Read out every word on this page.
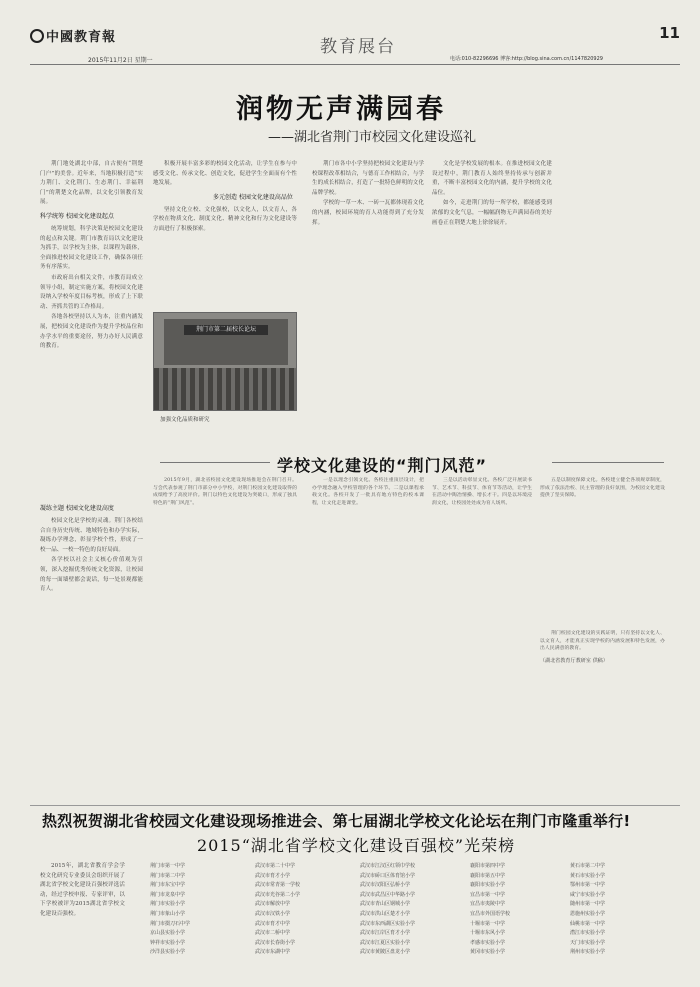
中國教育報
2015年11月2日 星期一
教育展台
电话:010-82296696 博客:http://blog.sina.com.cn/1147820929
11
润物无声满园春
——湖北省荆门市校园文化建设巡礼

荆门地处湖北中部，自古便有“荆楚门户”的美誉。近年来，当地积极打造“实力荆门、文化荆门、生态荆门、幸福荆门”的荆楚文化品牌，以文化引领教育发展。

科学统筹 校园文化建设起点

统筹规划，科学决策是校园文化建设的起点和关键。荆门市教育局以文化建设为抓手，以学校为主体，以课程为载体，全面推进校园文化建设工作，确保各项任务有序落实。

市政府出台相关文件，市教育局成立领导小组，制定实施方案，将校园文化建设纳入学校年度目标考核，形成了上下联动、齐抓共管的工作格局。

各地各校坚持以人为本，注重内涵发展，把校园文化建设作为提升学校品位和办学水平的重要途径，努力办好人民满意的教育。

凝练主题 校园文化建设高度

校园文化是学校的灵魂。荆门各校结合自身历史传统、地域特色和办学实际，凝练办学理念，彰显学校个性，形成了一校一品、一校一特色的良好局面。

各学校以社会主义核心价值观为引领，深入挖掘优秀传统文化资源，让校园的每一面墙壁都会说话，每一处景观都能育人。

积极开展丰富多彩的校园文化活动，让学生在参与中感受文化、传承文化、创造文化，促进学生全面而有个性地发展。

多元创造 校园文化建设高品位

坚持文化立校、文化强校，以文化人，以文育人，各学校在物质文化、制度文化、精神文化和行为文化建设等方面进行了积极探索。

荆门市第二届校长论坛
加强文化品质和研究

荆门市各中小学坚持把校园文化建设与学校课程改革相结合，与德育工作相结合，与学生的成长相结合，打造了一批特色鲜明的文化品牌学校。

学校的一草一木、一砖一瓦都体现着文化的内涵，校园环境的育人功能得到了充分发挥。

文化是学校发展的根本。在推进校园文化建设过程中，荆门教育人始终坚持传承与创新并重，不断丰富校园文化的内涵，提升学校的文化品位。

如今，走进荆门的每一所学校，都能感受到浓郁的文化气息，一幅幅润物无声满园春的美好画卷正在荆楚大地上徐徐展开。

学校文化建设的“荆门风范”

2015年9月，湖北省校园文化建设现场推进会在荆门召开。与会代表参观了荆门市部分中小学校，对荆门校园文化建设取得的成绩给予了高度评价。荆门以特色文化建设为突破口，形成了独具特色的“荆门风范”。

一是以理念引领文化。各校注重顶层设计，把办学理念融入学校管理的各个环节。二是以课程承载文化。各校开发了一批具有地方特色的校本课程，让文化走进课堂。

三是以活动彰显文化。各校广泛开展读书节、艺术节、科技节、体育节等活动，让学生在活动中陶冶情操、增长才干。四是以环境浸润文化，让校园处处成为育人场所。

五是以制度保障文化。各校建立健全各项规章制度，形成了依法治校、民主管理的良好氛围，为校园文化建设提供了坚实保障。

荆门校园文化建设的实践证明，只有坚持以文化人、以文育人，才能真正实现学校的内涵发展和特色发展，办出人民满意的教育。

（湖北省教育厅教研室 供稿）

热烈祝贺湖北省校园文化建设现场推进会、第七届湖北学校文化论坛在荆门市隆重举行!
2015“湖北省学校文化建设百强校”光荣榜

2015年，湖北省教育学会学校文化研究专业委员会组织开展了湖北省学校文化建设百强校评选活动，经过学校申报、专家评审，以下学校被评为2015湖北省学校文化建设百强校。

荆门市第一中学
荆门市第二中学
荆门市东宝中学
荆门市龙泉中学
荆门市实验小学
荆门市象山小学
荆门市掇刀石中学
京山县实验小学
钟祥市实验小学
沙洋县实验小学
武汉市第二十中学
武汉市育才小学
武汉市常青第一学校
武汉市光谷第二小学
武汉市解放中学
武汉市汉铁小学
武汉市育才中学
武汉市二桥中学
武汉市长春街小学
武汉市东湖中学
武汉市江汉区红领巾学校
武汉市硚口区体育馆小学
武汉市汉阳区弘桥小学
武汉市武昌区中华路小学
武汉市青山区钢城小学
武汉市洪山区楚才小学
武汉市东西湖区实验小学
武汉市江岸区育才小学
武汉市江夏区实验小学
武汉市黄陂区盘龙小学
襄阳市第四中学
襄阳市第五中学
襄阳市实验小学
宜昌市第一中学
宜昌市夷陵中学
宜昌市外国语学校
十堰市第一中学
十堰市东风小学
孝感市实验小学
黄冈市实验小学
黄石市第二中学
黄石市实验小学
鄂州市第一中学
咸宁市实验小学
随州市第一中学
恩施州实验小学
仙桃市第一中学
潜江市实验小学
天门市实验小学
荆州市实验小学
